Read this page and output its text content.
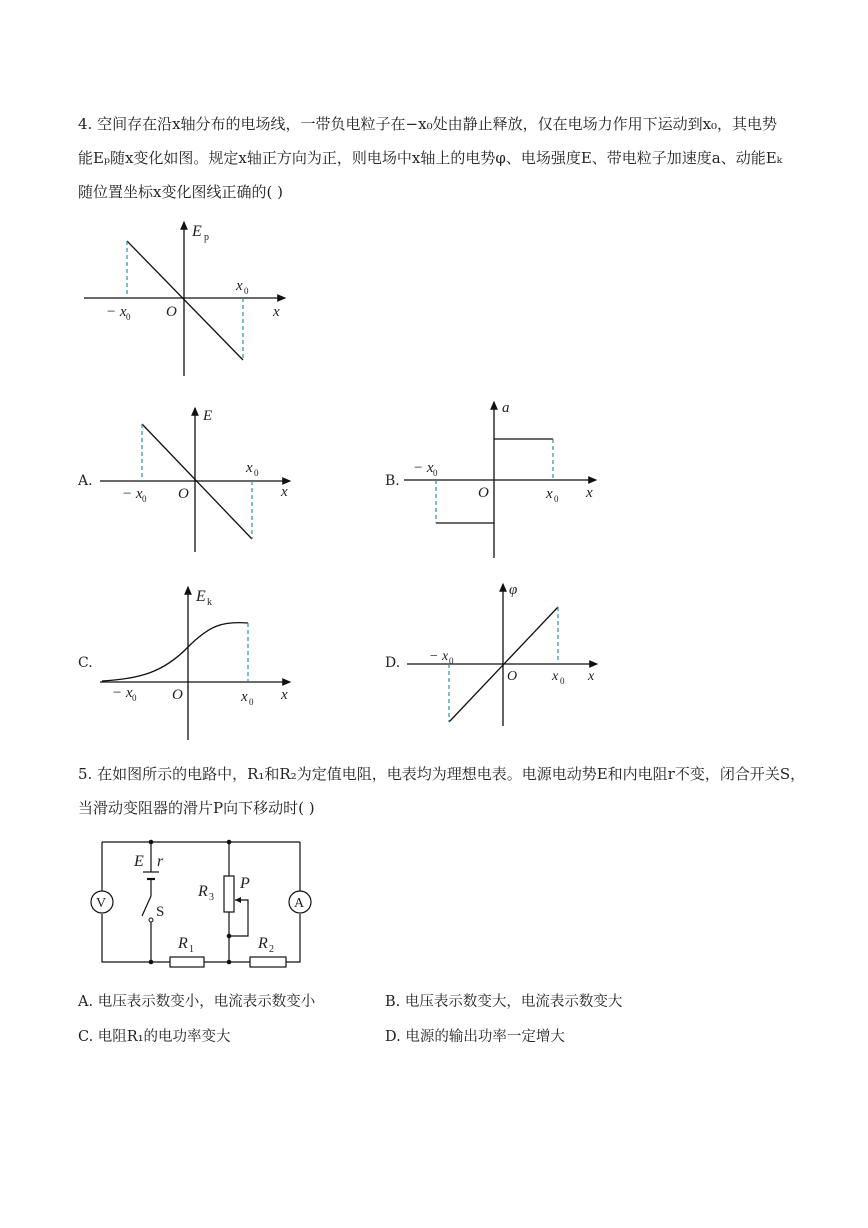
4. 空间存在沿x轴分布的电场线，一带负电粒子在−x₀处由静止释放，仅在电场力作用下运动到x₀，其电势
能Eₚ随x变化如图。规定x轴正方向为正，则电场中x轴上的电势φ、电场强度E、带电粒子加速度a、动能Eₖ
随位置坐标x变化图线正确的( )
E p
O	x
x 0
− x 0
A.
E
O	x
x 0
− x 0
B.
a
O	x
x 0
− x 0
C.
E k
O	x
x 0
− x 0
D.
φ
O	x
x 0
− x 0
5. 在如图所示的电路中，R₁和R₂为定值电阻，电表均为理想电表。电源电动势E和内电阻r不变，闭合开关S，
当滑动变阻器的滑片P向下移动时( )
V	A
E r
S
R 3
P
R 1	R 2
A. 电压表示数变小，电流表示数变小	B. 电压表示数变大，电流表示数变大
C. 电阻R₁的电功率变大	D. 电源的输出功率一定增大
